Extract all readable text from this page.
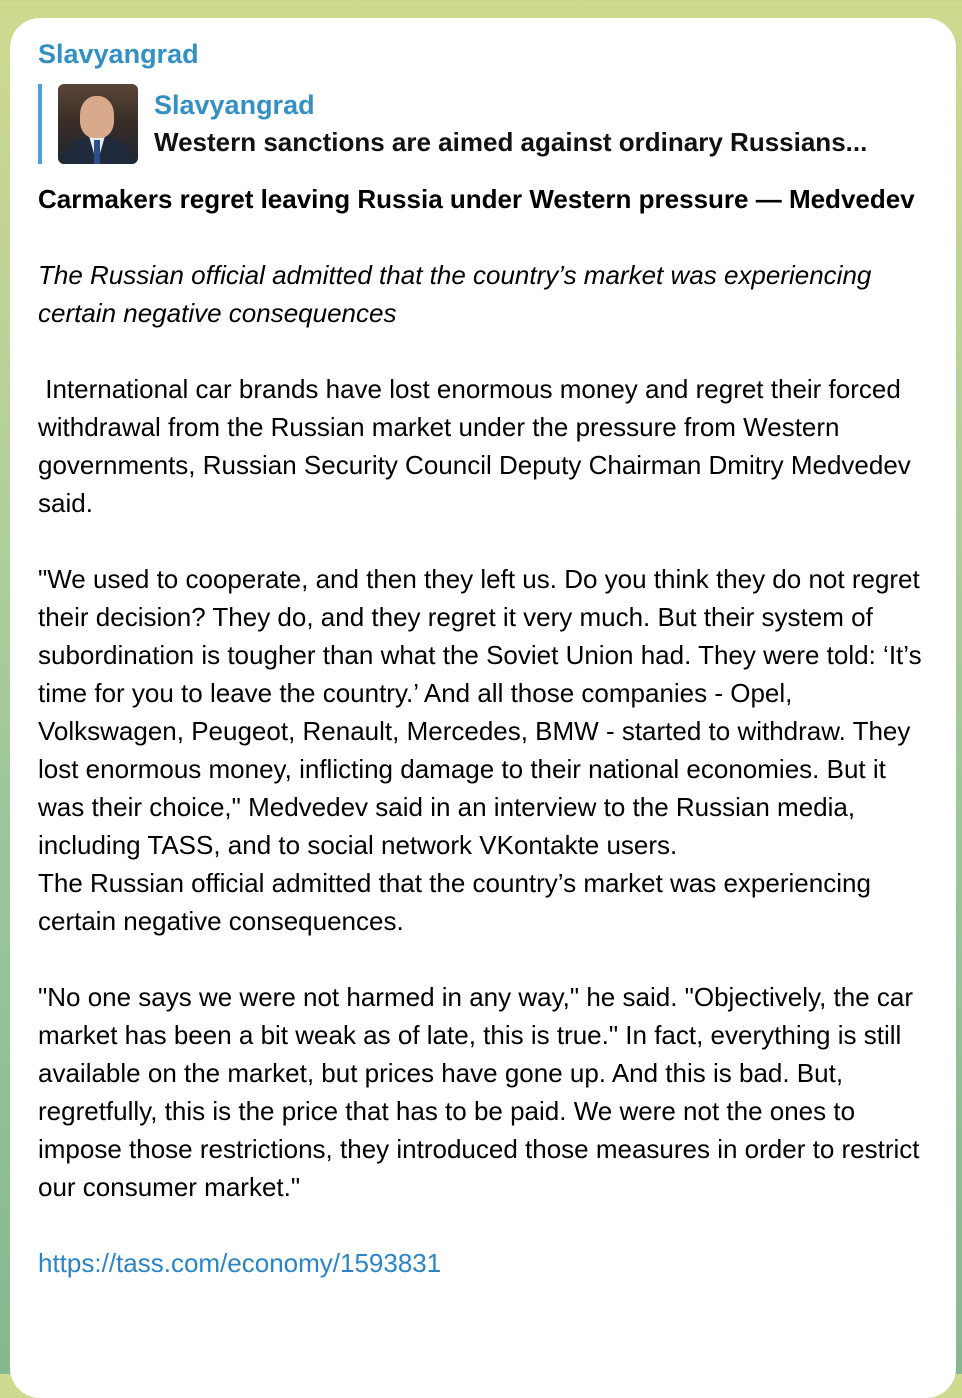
Slavyangrad
Slavyangrad
Western sanctions are aimed against ordinary Russians...

Carmakers regret leaving Russia under Western pressure — Medvedev

The Russian official admitted that the country’s market was experiencing certain negative consequences

International car brands have lost enormous money and regret their forced withdrawal from the Russian market under the pressure from Western governments, Russian Security Council Deputy Chairman Dmitry Medvedev said.

"We used to cooperate, and then they left us. Do you think they do not regret their decision? They do, and they regret it very much. But their system of subordination is tougher than what the Soviet Union had. They were told: ‘It’s time for you to leave the country.’ And all those companies - Opel, Volkswagen, Peugeot, Renault, Mercedes, BMW - started to withdraw. They lost enormous money, inflicting damage to their national economies. But it was their choice," Medvedev said in an interview to the Russian media, including TASS, and to social network VKontakte users.
The Russian official admitted that the country’s market was experiencing certain negative consequences.

"No one says we were not harmed in any way," he said. "Objectively, the car market has been a bit weak as of late, this is true." In fact, everything is still available on the market, but prices have gone up. And this is bad. But, regretfully, this is the price that has to be paid. We were not the ones to impose those restrictions, they introduced those measures in order to restrict our consumer market."

https://tass.com/economy/1593831
